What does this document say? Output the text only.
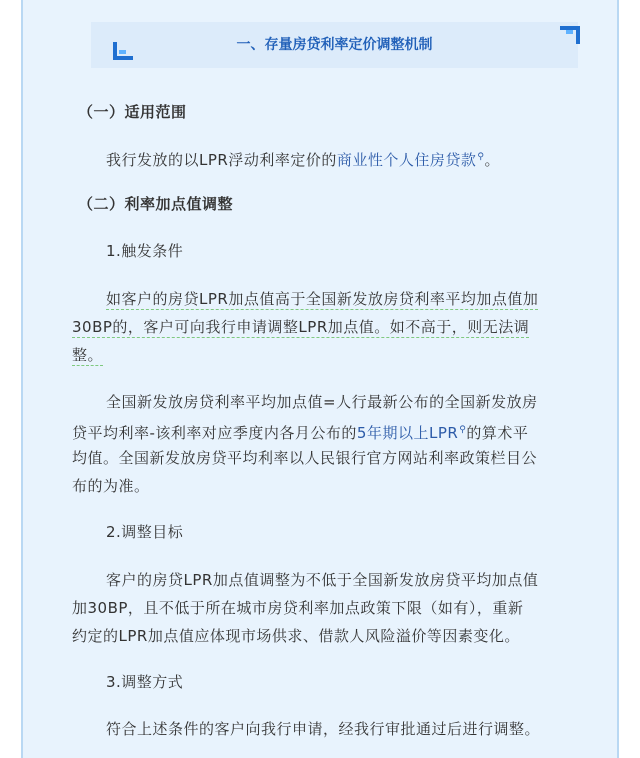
一、存量房贷利率定价调整机制

（一）适用范围

我行发放的以LPR浮动利率定价的商业性个人住房贷款⚲。

（二）利率加点值调整

1.触发条件

如客户的房贷LPR加点值高于全国新发放房贷利率平均加点值加

30BP的，客户可向我行申请调整LPR加点值。如不高于，则无法调

整。

全国新发放房贷利率平均加点值=人行最新公布的全国新发放房

贷平均利率-该利率对应季度内各月公布的5年期以上LPR⚲的算术平

均值。全国新发放房贷平均利率以人民银行官方网站利率政策栏目公

布的为准。

2.调整目标

客户的房贷LPR加点值调整为不低于全国新发放房贷平均加点值

加30BP，且不低于所在城市房贷利率加点政策下限（如有），重新

约定的LPR加点值应体现市场供求、借款人风险溢价等因素变化。

3.调整方式

符合上述条件的客户向我行申请，经我行审批通过后进行调整。
